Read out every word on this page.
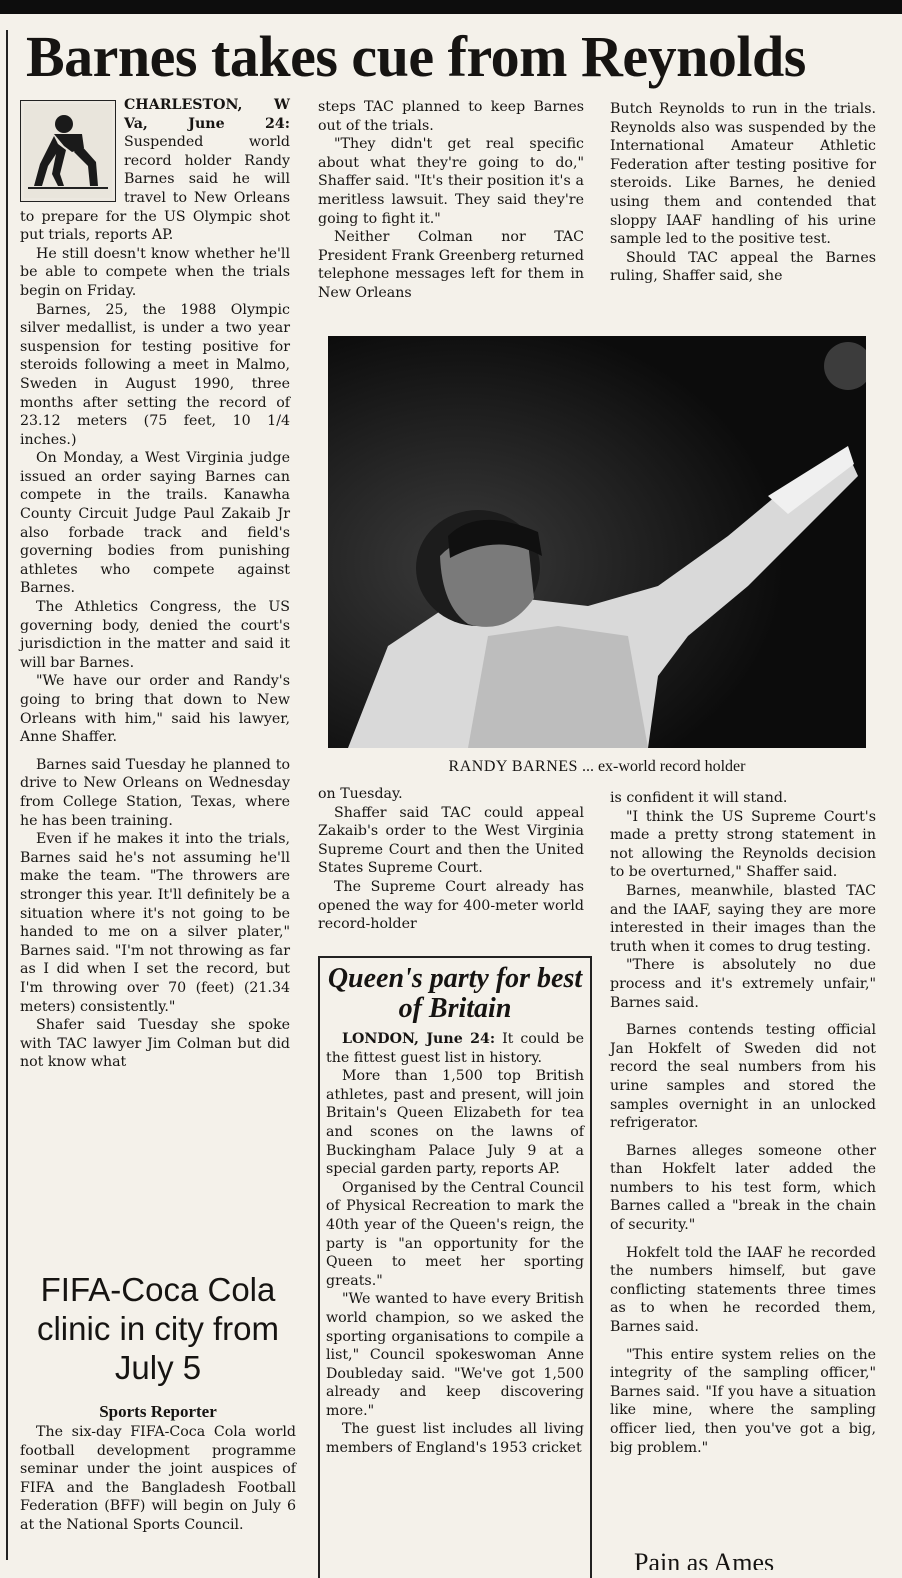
Barnes takes cue from Reynolds

CHARLESTON, W Va, June 24: Suspended world record holder Randy Barnes said he will travel to New Orleans to prepare for the US Olympic shot put trials, reports AP.

He still doesn't know whether he'll be able to compete when the trials begin on Friday.

Barnes, 25, the 1988 Olympic silver medallist, is under a two year suspension for testing positive for steroids following a meet in Malmo, Sweden in August 1990, three months after setting the record of 23.12 meters (75 feet, 10 1/4 inches.)

On Monday, a West Virginia judge issued an order saying Barnes can compete in the trails. Kanawha County Circuit Judge Paul Zakaib Jr also forbade track and field's governing bodies from punishing athletes who compete against Barnes.

The Athletics Congress, the US governing body, denied the court's jurisdiction in the matter and said it will bar Barnes.

"We have our order and Randy's going to bring that down to New Orleans with him," said his lawyer, Anne Shaffer.

Barnes said Tuesday he planned to drive to New Orleans on Wednesday from College Station, Texas, where he has been training.

Even if he makes it into the trials, Barnes said he's not assuming he'll make the team. "The throwers are stronger this year. It'll definitely be a situation where it's not going to be handed to me on a silver plater," Barnes said. "I'm not throwing as far as I did when I set the record, but I'm throwing over 70 (feet) (21.34 meters) consistently."

Shafer said Tuesday she spoke with TAC lawyer Jim Colman but did not know what

steps TAC planned to keep Barnes out of the trials.

"They didn't get real specific about what they're going to do," Shaffer said. "It's their position it's a meritless lawsuit. They said they're going to fight it."

Neither Colman nor TAC President Frank Greenberg returned telephone messages left for them in New Orleans

Butch Reynolds to run in the trials. Reynolds also was suspended by the International Amateur Athletic Federation after testing positive for steroids. Like Barnes, he denied using them and contended that sloppy IAAF handling of his urine sample led to the positive test.

Should TAC appeal the Barnes ruling, Shaffer said, she

RANDY BARNES ... ex-world record holder

on Tuesday.

Shaffer said TAC could appeal Zakaib's order to the West Virginia Supreme Court and then the United States Supreme Court.

The Supreme Court already has opened the way for 400-meter world record-holder

is confident it will stand.

"I think the US Supreme Court's made a pretty strong statement in not allowing the Reynolds decision to be overturned," Shaffer said.

Barnes, meanwhile, blasted TAC and the IAAF, saying they are more interested in their images than the truth when it comes to drug testing.

"There is absolutely no due process and it's extremely unfair," Barnes said.

Barnes contends testing official Jan Hokfelt of Sweden did not record the seal numbers from his urine samples and stored the samples overnight in an unlocked refrigerator.

Barnes alleges someone other than Hokfelt later added the numbers to his test form, which Barnes called a "break in the chain of security."

Hokfelt told the IAAF he recorded the numbers himself, but gave conflicting statements three times as to when he recorded them, Barnes said.

"This entire system relies on the integrity of the sampling officer," Barnes said. "If you have a situation like mine, where the sampling officer lied, then you've got a big, big problem."

Queen's party for best of Britain

LONDON, June 24: It could be the fittest guest list in history.

More than 1,500 top British athletes, past and present, will join Britain's Queen Elizabeth for tea and scones on the lawns of Buckingham Palace July 9 at a special garden party, reports AP.

Organised by the Central Council of Physical Recreation to mark the 40th year of the Queen's reign, the party is "an opportunity for the Queen to meet her sporting greats."

"We wanted to have every British world champion, so we asked the sporting organisations to compile a list," Council spokeswoman Anne Doubleday said. "We've got 1,500 already and keep discovering more."

The guest list includes all living members of England's 1953 cricket

FIFA-Coca Cola clinic in city from July 5

Sports Reporter

The six-day FIFA-Coca Cola world football development programme seminar under the joint auspices of FIFA and the Bangladesh Football Federation (BFF) will begin on July 6 at the National Sports Council.

Pain as Ames
